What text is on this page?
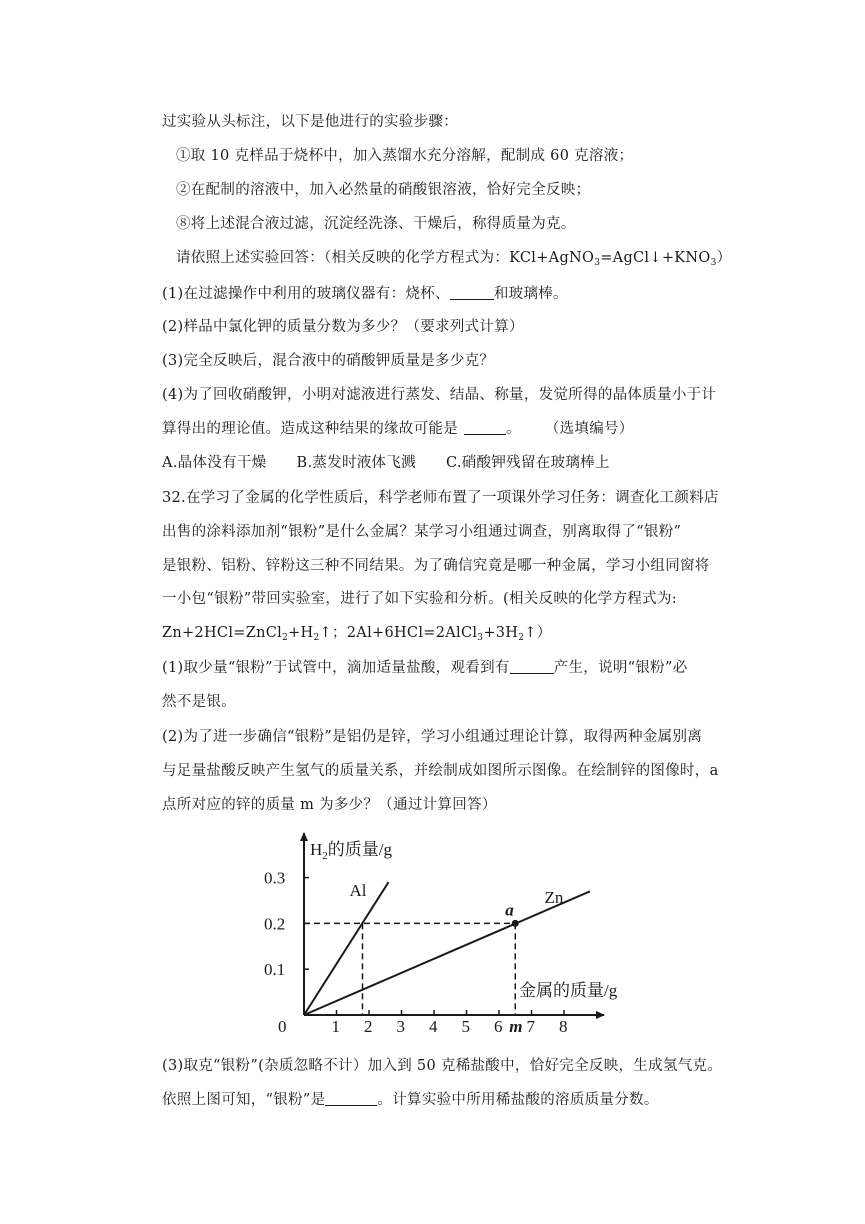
过实验从头标注，以下是他进行的实验步骤：
①取 10 克样品于烧杯中，加入蒸馏水充分溶解，配制成 60 克溶液；
②在配制的溶液中，加入必然量的硝酸银溶液，恰好完全反映；
⑧将上述混合液过滤，沉淀经洗涤、干燥后，称得质量为克。
请依照上述实验回答：（相关反映的化学方程式为：$KCl+AgNO_3=AgCl↓+KNO_3$）
(1)在过滤操作中利用的玻璃仪器有：烧杯、	和玻璃棒。
(2)样品中氯化钾的质量分数为多少？（要求列式计算）
(3)完全反映后，混合液中的硝酸钾质量是多少克？
(4)为了回收硝酸钾，小明对滤液进行蒸发、结晶、称量，发觉所得的晶体质量小于计
算得出的理论值。造成这种结果的缘故可能是	。 （选填编号）
A.晶体没有干燥 B.蒸发时液体飞溅 C.硝酸钾残留在玻璃棒上
32.在学习了金属的化学性质后，科学老师布置了一项课外学习任务：调查化工颜料店
出售的涂料添加剂“银粉”是什么金属？某学习小组通过调查，别离取得了“银粉”
是银粉、铝粉、锌粉这三种不同结果。为了确信究竟是哪一种金属，学习小组同窗将
一小包“银粉”带回实验室，进行了如下实验和分析。(相关反映的化学方程式为:
$Zn+2HCl=ZnCl_2+H_2↑$；$2Al+6HCl=2AlCl_3+3H_2↑$）
(1)取少量“银粉”于试管中，滴加适量盐酸，观看到有	产生，说明“银粉”必
然不是银。
(2)为了进一步确信“银粉”是铝仍是锌，学习小组通过理论计算，取得两种金属别离
与足量盐酸反映产生氢气的质量关系，并绘制成如图所示图像。在绘制锌的图像时，a
点所对应的锌的质量 m 为多少？（通过计算回答）
0	1 2 3 4 5 6 7 8
0.1
0.2
0.3
$H_2$的质量/g
金属的质量/g
Al	Zn
a
m
(3)取克“银粉”(杂质忽略不计）加入到 50 克稀盐酸中，恰好完全反映，生成氢气克。
依照上图可知，“银粉”是	。计算实验中所用稀盐酸的溶质质量分数。
